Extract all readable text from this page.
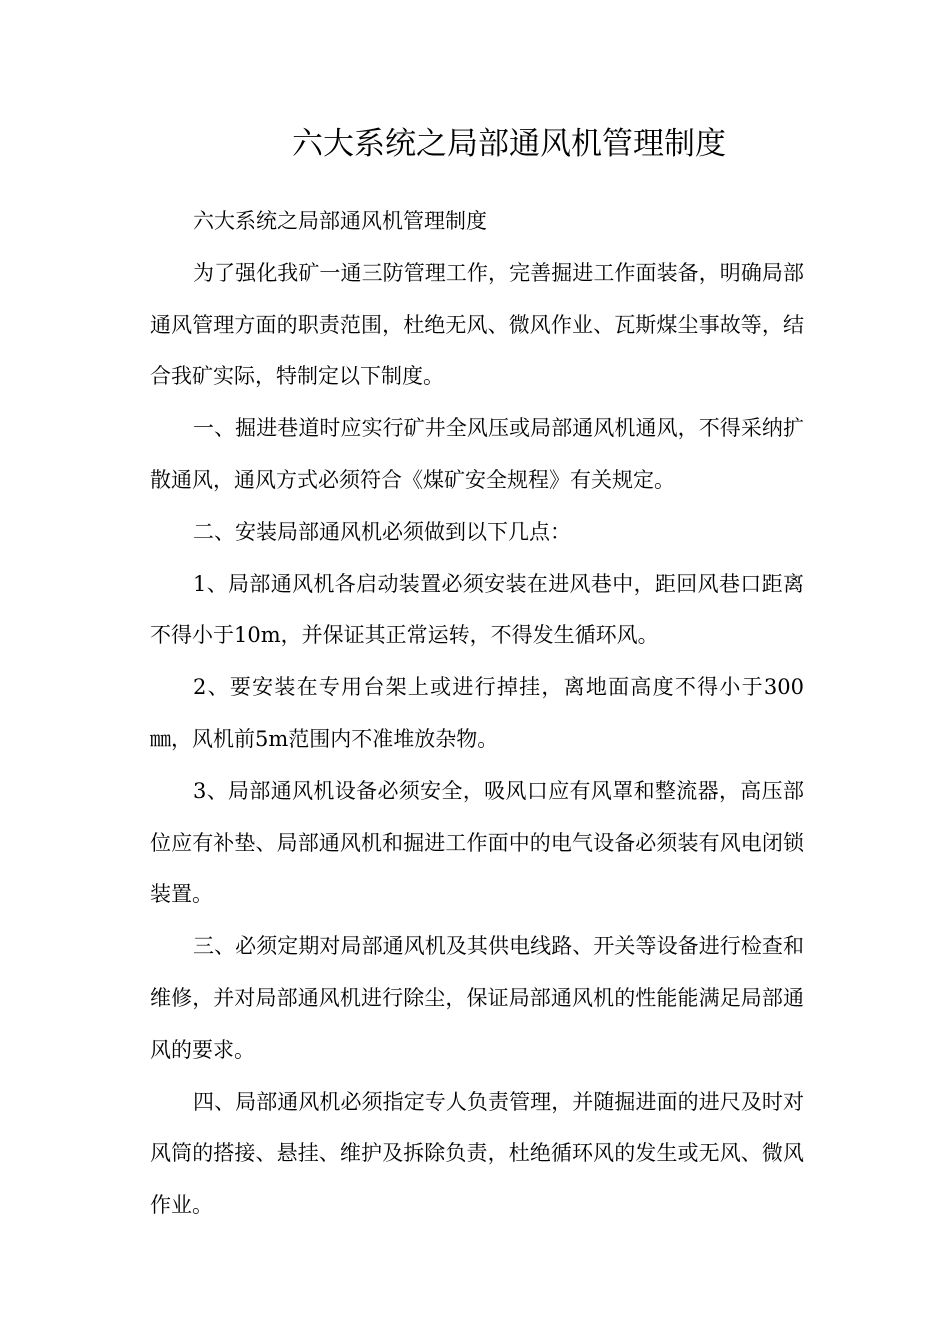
六大系统之局部通风机管理制度

六大系统之局部通风机管理制度

为了强化我矿一通三防管理工作，完善掘进工作面装备，明确局部通风管理方面的职责范围，杜绝无风、微风作业、瓦斯煤尘事故等，结合我矿实际，特制定以下制度。

一、掘进巷道时应实行矿井全风压或局部通风机通风，不得采纳扩散通风，通风方式必须符合《煤矿安全规程》有关规定。

二、安装局部通风机必须做到以下几点：

1、局部通风机各启动装置必须安装在进风巷中，距回风巷口距离不得小于10m，并保证其正常运转，不得发生循环风。

2、要安装在专用台架上或进行掉挂，离地面高度不得小于300㎜，风机前5m范围内不准堆放杂物。

3、局部通风机设备必须安全，吸风口应有风罩和整流器，高压部位应有补垫、局部通风机和掘进工作面中的电气设备必须装有风电闭锁装置。

三、必须定期对局部通风机及其供电线路、开关等设备进行检查和维修，并对局部通风机进行除尘，保证局部通风机的性能能满足局部通风的要求。

四、局部通风机必须指定专人负责管理，并随掘进面的进尺及时对风筒的搭接、悬挂、维护及拆除负责，杜绝循环风的发生或无风、微风作业。
